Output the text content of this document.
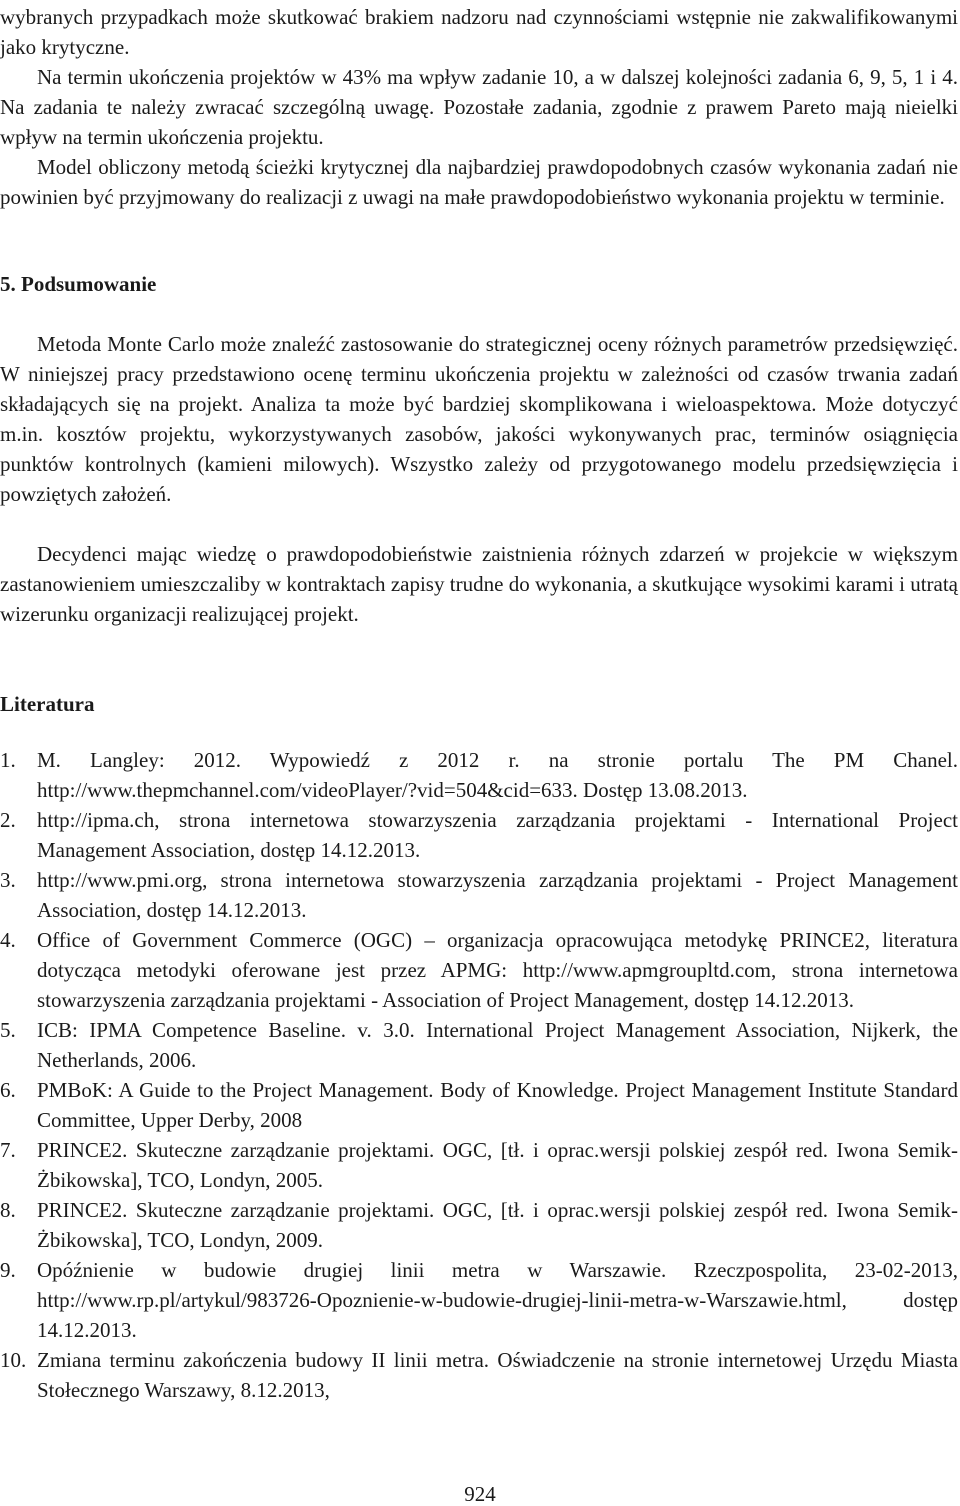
wybranych przypadkach może skutkować brakiem nadzoru nad czynnościami wstępnie nie zakwalifikowanymi jako krytyczne.

Na termin ukończenia projektów w 43% ma wpływ zadanie 10, a w dalszej kolejności zadania 6, 9, 5, 1 i 4. Na zadania te należy zwracać szczególną uwagę. Pozostałe zadania, zgodnie z prawem Pareto mają nieielki wpływ na termin ukończenia projektu.

Model obliczony metodą ścieżki krytycznej dla najbardziej prawdopodobnych czasów wykonania zadań nie powinien być przyjmowany do realizacji z uwagi na małe prawdopodobieństwo wykonania projektu w terminie.

5. Podsumowanie

Metoda Monte Carlo może znaleźć zastosowanie do strategicznej oceny różnych parametrów przedsięwzięć. W niniejszej pracy przedstawiono ocenę terminu ukończenia projektu w zależności od czasów trwania zadań składających się na projekt. Analiza ta może być bardziej skomplikowana i wieloaspektowa. Może dotyczyć m.in. kosztów projektu, wykorzystywanych zasobów, jakości wykonywanych prac, terminów osiągnięcia punktów kontrolnych (kamieni milowych). Wszystko zależy od przygotowanego modelu przedsięwzięcia i powziętych założeń.

Decydenci mając wiedzę o prawdopodobieństwie zaistnienia różnych zdarzeń w projekcie w większym zastanowieniem umieszczaliby w kontraktach zapisy trudne do wykonania, a skutkujące wysokimi karami i utratą wizerunku organizacji realizującej projekt.

Literatura
1. M. Langley: 2012. Wypowiedź z 2012 r. na stronie portalu The PM Chanel. http://www.thepmchannel.com/videoPlayer/?vid=504&cid=633. Dostęp 13.08.2013.
2. http://ipma.ch, strona internetowa stowarzyszenia zarządzania projektami - International Project Management Association, dostęp 14.12.2013.
3. http://www.pmi.org, strona internetowa stowarzyszenia zarządzania projektami - Project Management Association, dostęp 14.12.2013.
4. Office of Government Commerce (OGC) – organizacja opracowująca metodykę PRINCE2, literatura dotycząca metodyki oferowane jest przez APMG: http://www.apmgroupltd.com, strona internetowa stowarzyszenia zarządzania projektami - Association of Project Management, dostęp 14.12.2013.
5. ICB: IPMA Competence Baseline. v. 3.0. International Project Management Association, Nijkerk, the Netherlands, 2006.
6. PMBoK: A Guide to the Project Management. Body of Knowledge. Project Management Institute Standard Committee, Upper Derby, 2008
7. PRINCE2. Skuteczne zarządzanie projektami. OGC, [tł. i oprac.wersji polskiej zespół red. Iwona Semik-Żbikowska], TCO, Londyn, 2005.
8. PRINCE2. Skuteczne zarządzanie projektami. OGC, [tł. i oprac.wersji polskiej zespół red. Iwona Semik-Żbikowska], TCO, Londyn, 2009.
9. Opóźnienie w budowie drugiej linii metra w Warszawie. Rzeczpospolita, 23-02-2013, http://www.rp.pl/artykul/983726-Opoznienie-w-budowie-drugiej-linii-metra-w-Warszawie.html, dostęp 14.12.2013.
10. Zmiana terminu zakończenia budowy II linii metra. Oświadczenie na stronie internetowej Urzędu Miasta Stołecznego Warszawy, 8.12.2013,
924
